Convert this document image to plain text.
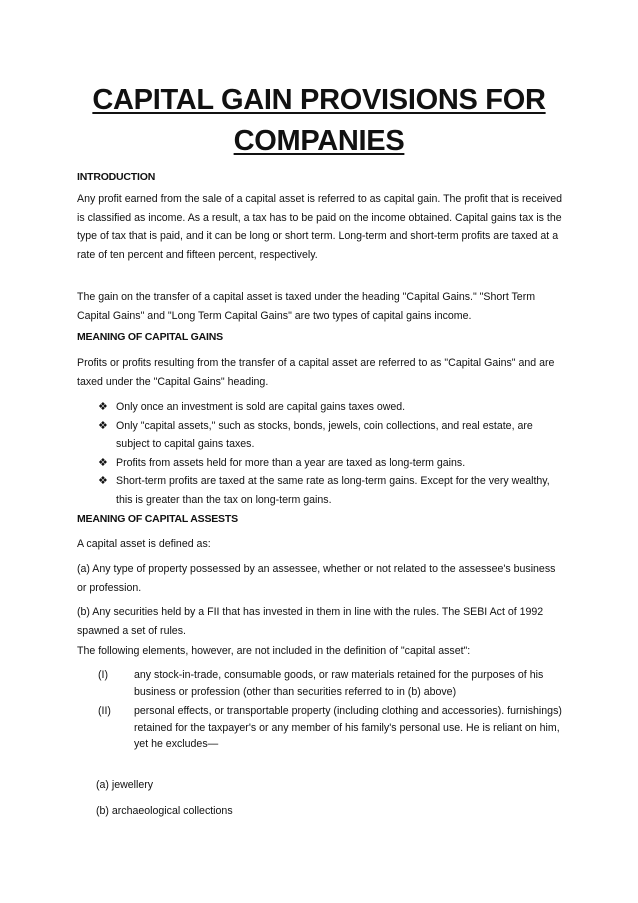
CAPITAL GAIN PROVISIONS FOR
COMPANIES
INTRODUCTION
Any profit earned from the sale of a capital asset is referred to as capital gain. The profit that is received is classified as income. As a result, a tax has to be paid on the income obtained. Capital gains tax is the type of tax that is paid, and it can be long or short term. Long-term and short-term profits are taxed at a rate of ten percent and fifteen percent, respectively.
The gain on the transfer of a capital asset is taxed under the heading "Capital Gains." "Short Term Capital Gains" and "Long Term Capital Gains" are two types of capital gains income.
MEANING OF CAPITAL GAINS
Profits or profits resulting from the transfer of a capital asset are referred to as "Capital Gains" and are taxed under the "Capital Gains" heading.
❖ Only once an investment is sold are capital gains taxes owed.
❖ Only "capital assets," such as stocks, bonds, jewels, coin collections, and real estate, are subject to capital gains taxes.
❖ Profits from assets held for more than a year are taxed as long-term gains.
❖ Short-term profits are taxed at the same rate as long-term gains. Except for the very wealthy, this is greater than the tax on long-term gains.
MEANING OF CAPITAL ASSESTS
A capital asset is defined as:
(a) Any type of property possessed by an assessee, whether or not related to the assessee's business or profession.
(b) Any securities held by a FII that has invested in them in line with the rules. The SEBI Act of 1992 spawned a set of rules.
The following elements, however, are not included in the definition of "capital asset":
(I) any stock-in-trade, consumable goods, or raw materials retained for the purposes of his business or profession (other than securities referred to in (b) above)
(II) personal effects, or transportable property (including clothing and accessories). furnishings) retained for the taxpayer's or any member of his family's personal use. He is reliant on him, yet he excludes—
(a) jewellery
(b) archaeological collections
